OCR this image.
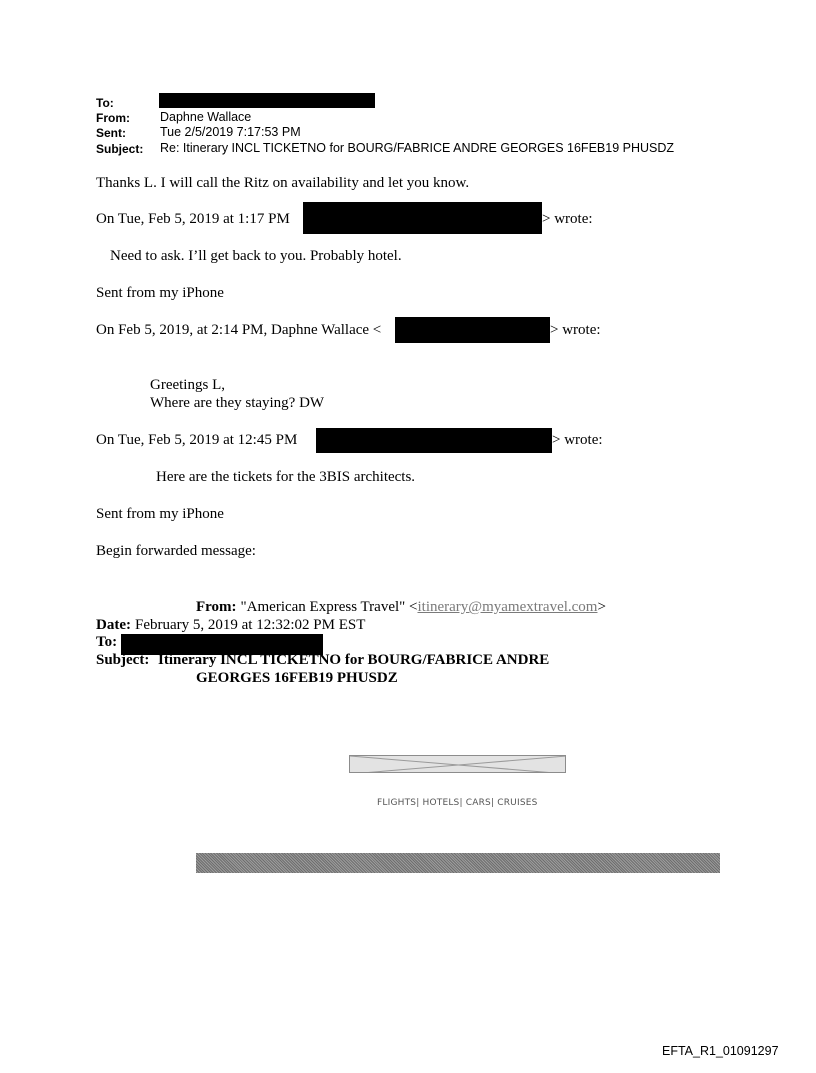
To:
From: Daphne Wallace
Sent:	Tue 2/5/2019 7:17:53 PM
Subject: Re: Itinerary INCL TICKETNO for BOURG/FABRICE ANDRE GEORGES 16FEB19 PHUSDZ
Thanks L. I will call the Ritz on availability and let you know.
On Tue, Feb 5, 2019 at 1:17 PM	> wrote:
Need to ask. I’ll get back to you. Probably hotel.
Sent from my iPhone
On Feb 5, 2019, at 2:14 PM, Daphne Wallace <	> wrote:
Greetings L,
Where are they staying? DW
On Tue, Feb 5, 2019 at 12:45 PM	> wrote:
Here are the tickets for the 3BIS architects.
Sent from my iPhone
Begin forwarded message:
From: "American Express Travel" <itinerary@myamextravel.com>
Date: February 5, 2019 at 12:32:02 PM EST
To:
Subject: Itinerary INCL TICKETNO for BOURG/FABRICE ANDRE
GEORGES 16FEB19 PHUSDZ
FLIGHTS| HOTELS| CARS| CRUISES
EFTA_R1_01091297
